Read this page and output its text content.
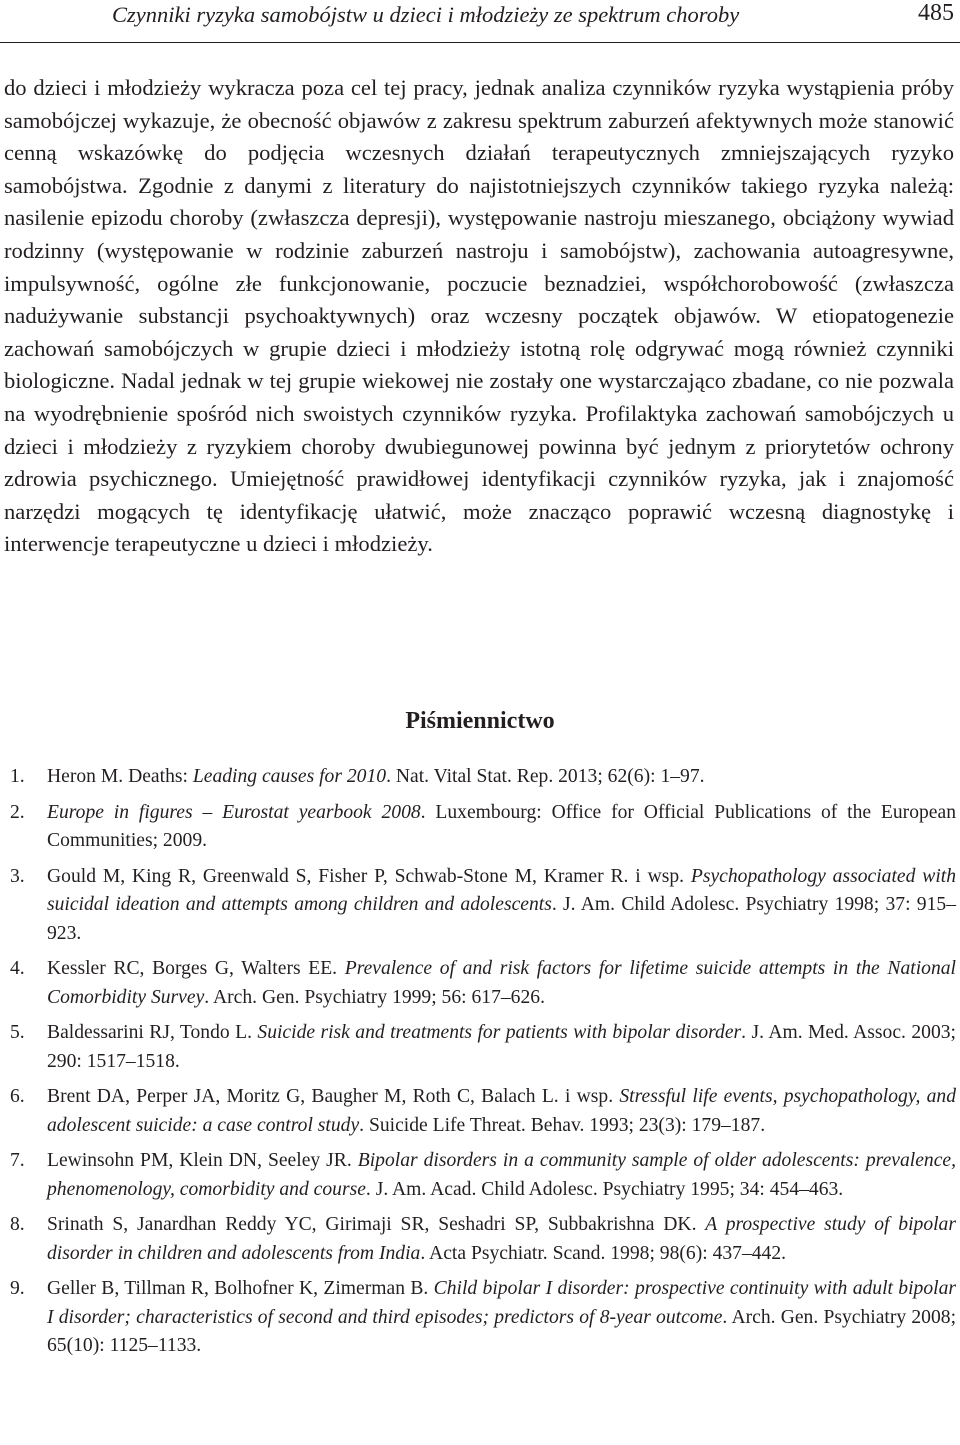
Czynniki ryzyka samobójstw u dzieci i młodzieży ze spektrum choroby	485

do dzieci i młodzieży wykracza poza cel tej pracy, jednak analiza czynników ryzyka wystąpienia próby samobójczej wykazuje, że obecność objawów z zakresu spektrum zaburzeń afektywnych może stanowić cenną wskazówkę do podjęcia wczesnych działań terapeutycznych zmniejszających ryzyko samobójstwa. Zgodnie z danymi z literatury do najistotniejszych czynników takiego ryzyka należą: nasilenie epizodu choroby (zwłaszcza depresji), występowanie nastroju mieszanego, obciążony wywiad rodzinny (występowanie w rodzinie zaburzeń nastroju i samobójstw), zachowania autoagresywne, impulsywność, ogólne złe funkcjonowanie, poczucie beznadziei, współchorobowość (zwłaszcza nadużywanie substancji psychoaktywnych) oraz wczesny początek objawów. W etiopatogenezie zachowań samobójczych w grupie dzieci i młodzieży istotną rolę odgrywać mogą również czynniki biologiczne. Nadal jednak w tej grupie wiekowej nie zostały one wystarczająco zbadane, co nie pozwala na wyodrębnienie spośród nich swoistych czynników ryzyka. Profilaktyka zachowań samobójczych u dzieci i młodzieży z ryzykiem choroby dwubiegunowej powinna być jednym z priorytetów ochrony zdrowia psychicznego. Umiejętność prawidłowej identyfikacji czynników ryzyka, jak i znajomość narzędzi mogących tę identyfikację ułatwić, może znacząco poprawić wczesną diagnostykę i interwencje terapeutyczne u dzieci i młodzieży.

Piśmiennictwo
1. Heron M. Deaths: Leading causes for 2010. Nat. Vital Stat. Rep. 2013; 62(6): 1–97.
2. Europe in figures – Eurostat yearbook 2008. Luxembourg: Office for Official Publications of the European Communities; 2009.
3. Gould M, King R, Greenwald S, Fisher P, Schwab-Stone M, Kramer R. i wsp. Psychopathology associated with suicidal ideation and attempts among children and adolescents. J. Am. Child Adolesc. Psychiatry 1998; 37: 915–923.
4. Kessler RC, Borges G, Walters EE. Prevalence of and risk factors for lifetime suicide attempts in the National Comorbidity Survey. Arch. Gen. Psychiatry 1999; 56: 617–626.
5. Baldessarini RJ, Tondo L. Suicide risk and treatments for patients with bipolar disorder. J. Am. Med. Assoc. 2003; 290: 1517–1518.
6. Brent DA, Perper JA, Moritz G, Baugher M, Roth C, Balach L. i wsp. Stressful life events, psychopathology, and adolescent suicide: a case control study. Suicide Life Threat. Behav. 1993; 23(3): 179–187.
7. Lewinsohn PM, Klein DN, Seeley JR. Bipolar disorders in a community sample of older adolescents: prevalence, phenomenology, comorbidity and course. J. Am. Acad. Child Adolesc. Psychiatry 1995; 34: 454–463.
8. Srinath S, Janardhan Reddy YC, Girimaji SR, Seshadri SP, Subbakrishna DK. A prospective study of bipolar disorder in children and adolescents from India. Acta Psychiatr. Scand. 1998; 98(6): 437–442.
9. Geller B, Tillman R, Bolhofner K, Zimerman B. Child bipolar I disorder: prospective continuity with adult bipolar I disorder; characteristics of second and third episodes; predictors of 8-year outcome. Arch. Gen. Psychiatry 2008; 65(10): 1125–1133.
